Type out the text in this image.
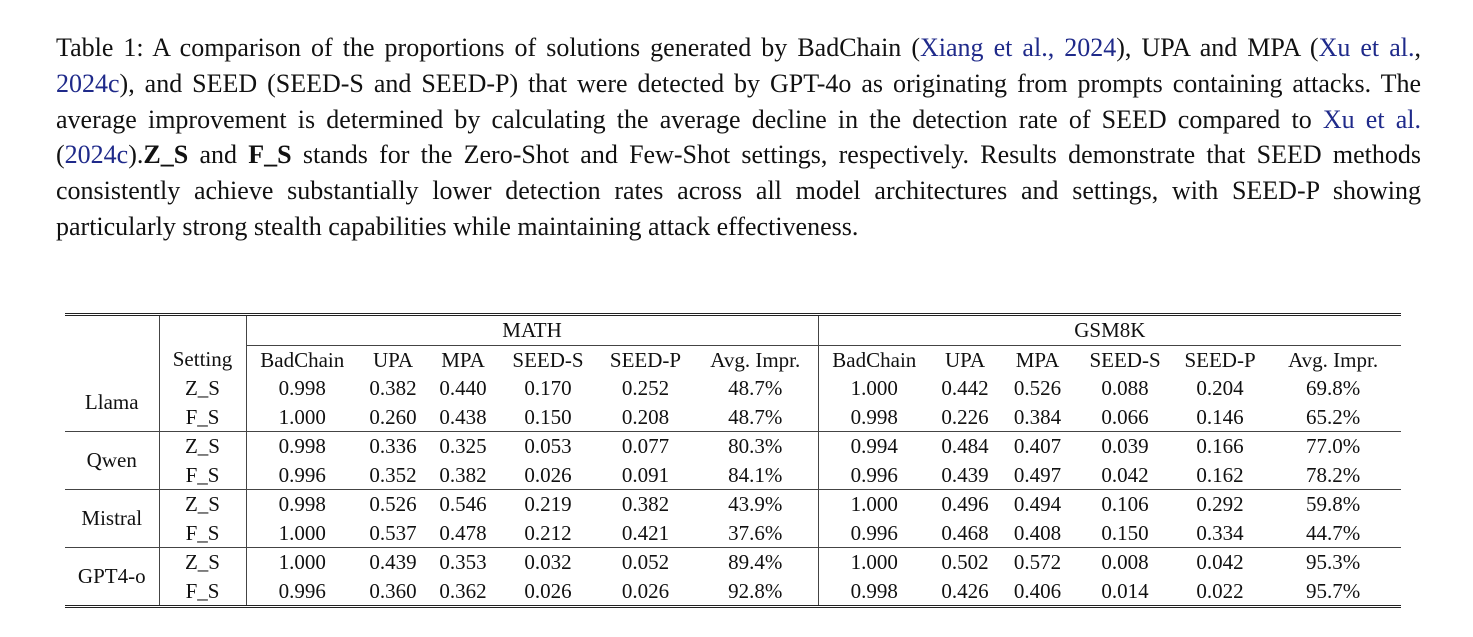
Table 1: A comparison of the proportions of solutions generated by BadChain (Xiang et al., 2024), UPA and MPA (Xu et al., 2024c), and SEED (SEED-S and SEED-P) that were detected by GPT-4o as originating from prompts containing attacks. The average improvement is determined by calculating the average decline in the detection rate of SEED compared to Xu et al. (2024c).Z_S and F_S stands for the Zero-Shot and Few-Shot settings, respectively. Results demonstrate that SEED methods consistently achieve substantially lower detection rates across all model architectures and settings, with SEED-P showing particularly strong stealth capabilities while maintaining attack effectiveness.
		MATH						GSM8K					
	Setting	BadChain	UPA	MPA	SEED-S	SEED-P	Avg. Impr.	BadChain	UPA	MPA	SEED-S	SEED-P	Avg. Impr.
Llama	Z_S	0.998	0.382	0.440	0.170	0.252	48.7%	1.000	0.442	0.526	0.088	0.204	69.8%
	F_S	1.000	0.260	0.438	0.150	0.208	48.7%	0.998	0.226	0.384	0.066	0.146	65.2%
Qwen	Z_S	0.998	0.336	0.325	0.053	0.077	80.3%	0.994	0.484	0.407	0.039	0.166	77.0%
	F_S	0.996	0.352	0.382	0.026	0.091	84.1%	0.996	0.439	0.497	0.042	0.162	78.2%
Mistral	Z_S	0.998	0.526	0.546	0.219	0.382	43.9%	1.000	0.496	0.494	0.106	0.292	59.8%
	F_S	1.000	0.537	0.478	0.212	0.421	37.6%	0.996	0.468	0.408	0.150	0.334	44.7%
GPT4-o	Z_S	1.000	0.439	0.353	0.032	0.052	89.4%	1.000	0.502	0.572	0.008	0.042	95.3%
	F_S	0.996	0.360	0.362	0.026	0.026	92.8%	0.998	0.426	0.406	0.014	0.022	95.7%
